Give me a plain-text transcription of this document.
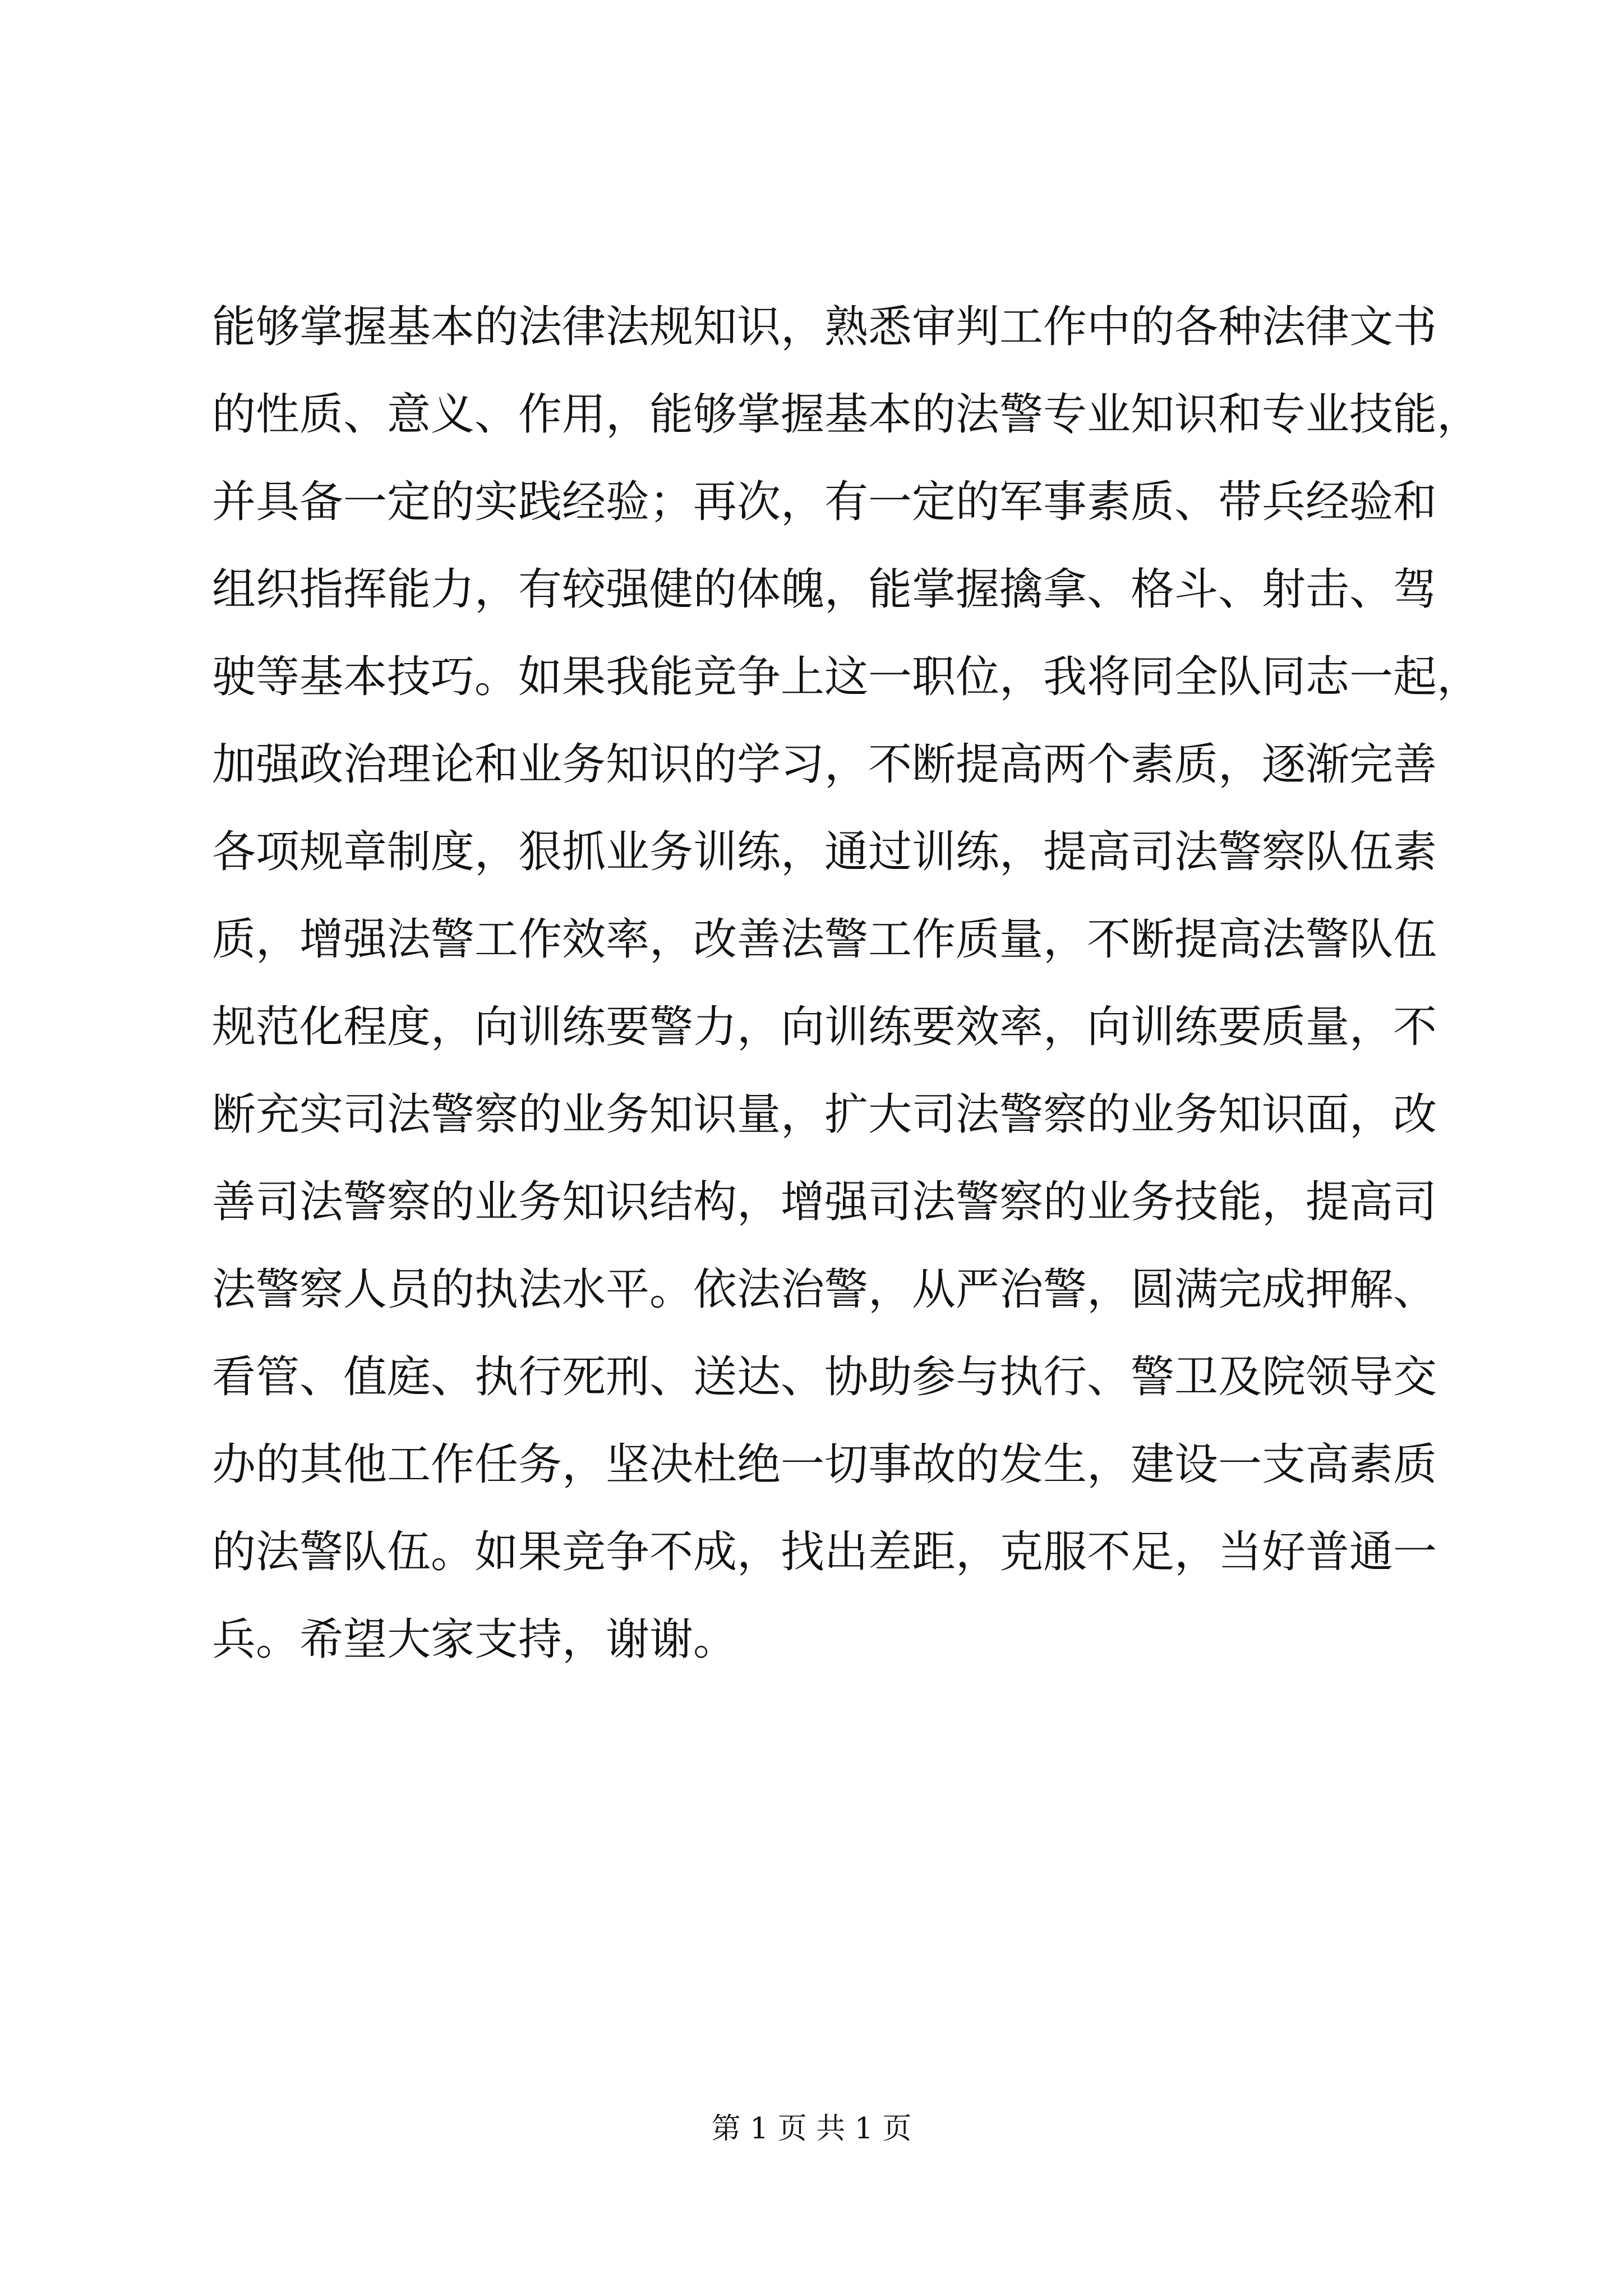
能够掌握基本的法律法规知识，熟悉审判工作中的各种法律文书
的性质、意义、作用，能够掌握基本的法警专业知识和专业技能，
并具备一定的实践经验；再次，有一定的军事素质、带兵经验和
组织指挥能力，有较强健的体魄，能掌握擒拿、格斗、射击、驾
驶等基本技巧。如果我能竞争上这一职位，我将同全队同志一起，
加强政治理论和业务知识的学习，不断提高两个素质，逐渐完善
各项规章制度，狠抓业务训练，通过训练，提高司法警察队伍素
质，增强法警工作效率，改善法警工作质量，不断提高法警队伍
规范化程度，向训练要警力，向训练要效率，向训练要质量，不
断充实司法警察的业务知识量，扩大司法警察的业务知识面，改
善司法警察的业务知识结构，增强司法警察的业务技能，提高司
法警察人员的执法水平。依法治警，从严治警，圆满完成押解、
看管、值庭、执行死刑、送达、协助参与执行、警卫及院领导交
办的其他工作任务，坚决杜绝一切事故的发生，建设一支高素质
的法警队伍。如果竞争不成，找出差距，克服不足，当好普通一
兵。希望大家支持，谢谢。
第 1 页 共 1 页
